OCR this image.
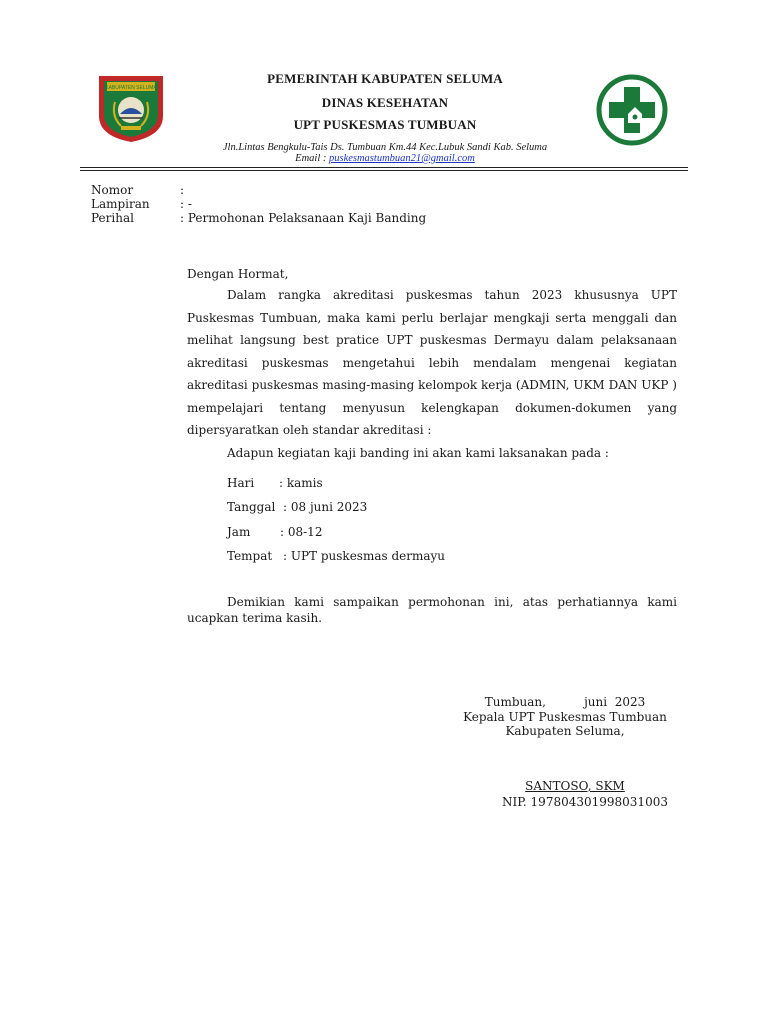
KABUPATEN SELUMA
PEMERINTAH KABUPATEN SELUMA
DINAS KESEHATAN
UPT PUSKESMAS TUMBUAN
Jln.Lintas Bengkulu-Tais Ds. Tumbuan Km.44 Kec.Lubuk Sandi Kab. Seluma
Email : puskesmastumbuan21@gmail.com
Nomor	:
Lampiran	: -
Perihal	: Permohonan Pelaksanaan Kaji Banding
Dengan Hormat,
Dalam rangka akreditasi puskesmas tahun 2023 khususnya UPT Puskesmas Tumbuan, maka kami perlu berlajar mengkaji serta menggali dan melihat langsung best pratice UPT puskesmas Dermayu dalam pelaksanaan akreditasi puskesmas mengetahui lebih mendalam mengenai kegiatan akreditasi puskesmas masing-masing kelompok kerja (ADMIN, UKM DAN UKP ) mempelajari tentang menyusun kelengkapan dokumen-dokumen yang dipersyaratkan oleh standar akreditasi :
Adapun kegiatan kaji banding ini akan kami laksanakan pada :
Hari : kamis
Tanggal : 08 juni 2023
Jam : 08-12
Tempat : UPT puskesmas dermayu
Demikian kami sampaikan permohonan ini, atas perhatiannya kami ucapkan terima kasih.
Tumbuan,          juni  2023
Kepala UPT Puskesmas Tumbuan
Kabupaten Seluma,
SANTOSO, SKM
NIP. 197804301998031003
